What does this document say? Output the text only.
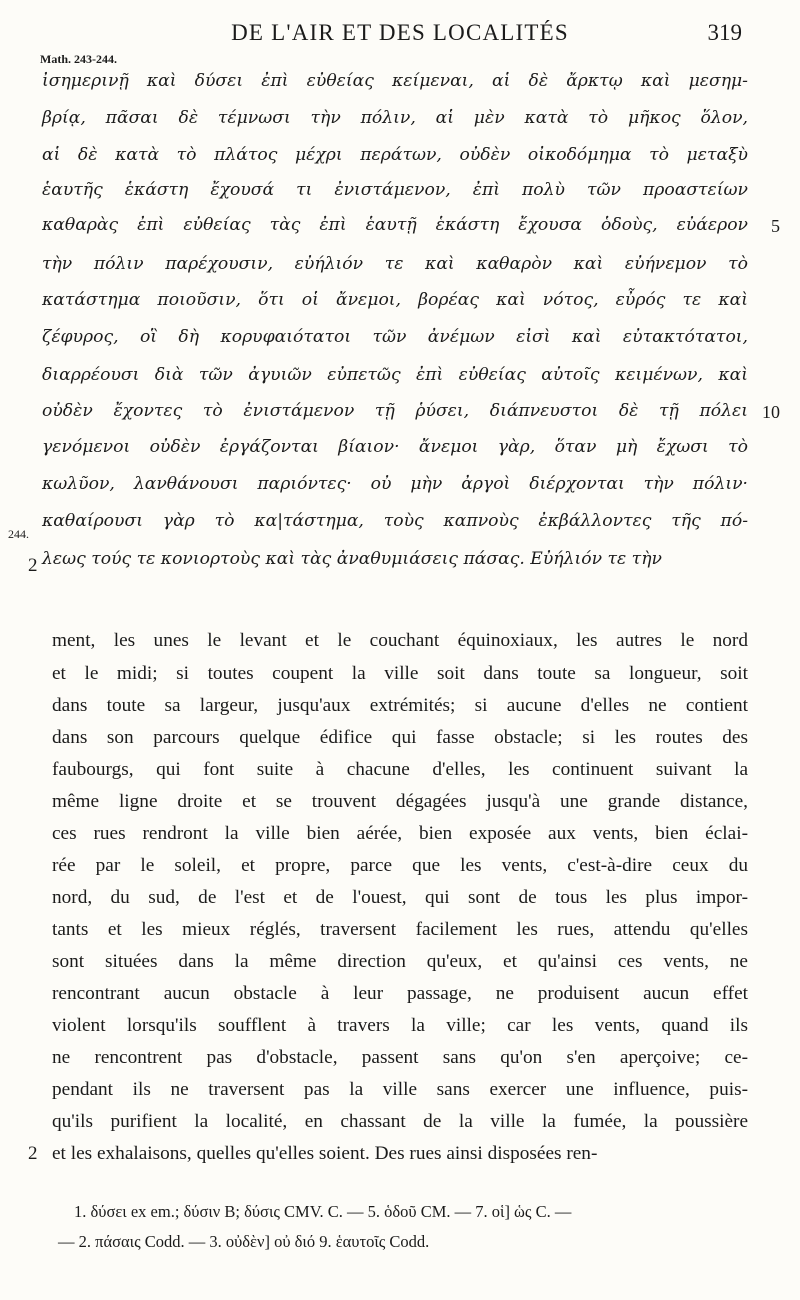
DE L'AIR ET DES LOCALITÉS	319
Math. 243-244.
ἰσημερινῇ καὶ δύσει ἐπὶ εὐθείας κείμεναι, αἱ δὲ ἄρκτῳ καὶ μεσημ-
βρίᾳ, πᾶσαι δὲ τέμνωσι τὴν πόλιν, αἱ μὲν κατὰ τὸ μῆκος ὅλον,
αἱ δὲ κατὰ τὸ πλάτος μέχρι περάτων, οὐδὲν οἰκοδόμημα τὸ μεταξὺ
ἑαυτῆς ἑκάστη ἔχουσά τι ἐνιστάμενον, ἐπὶ πολὺ τῶν προαστείων
καθαρὰς ἐπὶ εὐθείας τὰς ἐπὶ ἑαυτῇ ἑκάστη ἔχουσα ὁδοὺς, εὐάερον
τὴν πόλιν παρέχουσιν, εὐήλιόν τε καὶ καθαρὸν καὶ εὐήνεμον τὸ
κατάστημα ποιοῦσιν, ὅτι οἱ ἄνεμοι, βορέας καὶ νότος, εὖρός τε καὶ
ζέφυρος, οἳ δὴ κορυφαιότατοι τῶν ἀνέμων εἰσὶ καὶ εὐτακτότατοι,
διαρρέουσι διὰ τῶν ἀγυιῶν εὐπετῶς ἐπὶ εὐθείας αὐτοῖς κειμένων, καὶ
οὐδὲν ἔχοντες τὸ ἐνιστάμενον τῇ ῥύσει, διάπνευστοι δὲ τῇ πόλει
γενόμενοι οὐδὲν ἐργάζονται βίαιον· ἄνεμοι γὰρ, ὅταν μὴ ἔχωσι τὸ
κωλῦον, λανθάνουσι παριόντες· οὐ μὴν ἀργοὶ διέρχονται τὴν πόλιν·
καθαίρουσι γὰρ τὸ κα|τάστημα, τοὺς καπνοὺς ἐκβάλλοντες τῆς πό-
λεως τούς τε κονιορτοὺς καὶ τὰς ἀναθυμιάσεις πάσας. Εὐήλιόν τε τὴν
5
10
244.
2
ment, les unes le levant et le couchant équinoxiaux, les autres le nord
et le midi; si toutes coupent la ville soit dans toute sa longueur, soit
dans toute sa largeur, jusqu'aux extrémités; si aucune d'elles ne contient
dans son parcours quelque édifice qui fasse obstacle; si les routes des
faubourgs, qui font suite à chacune d'elles, les continuent suivant la
même ligne droite et se trouvent dégagées jusqu'à une grande distance,
ces rues rendront la ville bien aérée, bien exposée aux vents, bien éclai-
rée par le soleil, et propre, parce que les vents, c'est-à-dire ceux du
nord, du sud, de l'est et de l'ouest, qui sont de tous les plus impor-
tants et les mieux réglés, traversent facilement les rues, attendu qu'elles
sont situées dans la même direction qu'eux, et qu'ainsi ces vents, ne
rencontrant aucun obstacle à leur passage, ne produisent aucun effet
violent lorsqu'ils soufflent à travers la ville; car les vents, quand ils
ne rencontrent pas d'obstacle, passent sans qu'on s'en aperçoive; ce-
pendant ils ne traversent pas la ville sans exercer une influence, puis-
qu'ils purifient la localité, en chassant de la ville la fumée, la poussière
et les exhalaisons, quelles qu'elles soient. Des rues ainsi disposées ren-
2
1. δύσει ex em.; δύσιν B; δύσις CMV. C. — 5. ὁδοῦ CM. — 7. οἱ] ὡς C. —
— 2. πάσαις Codd. — 3. οὐδὲν] οὐ διό 9. ἑαυτοῖς Codd.
